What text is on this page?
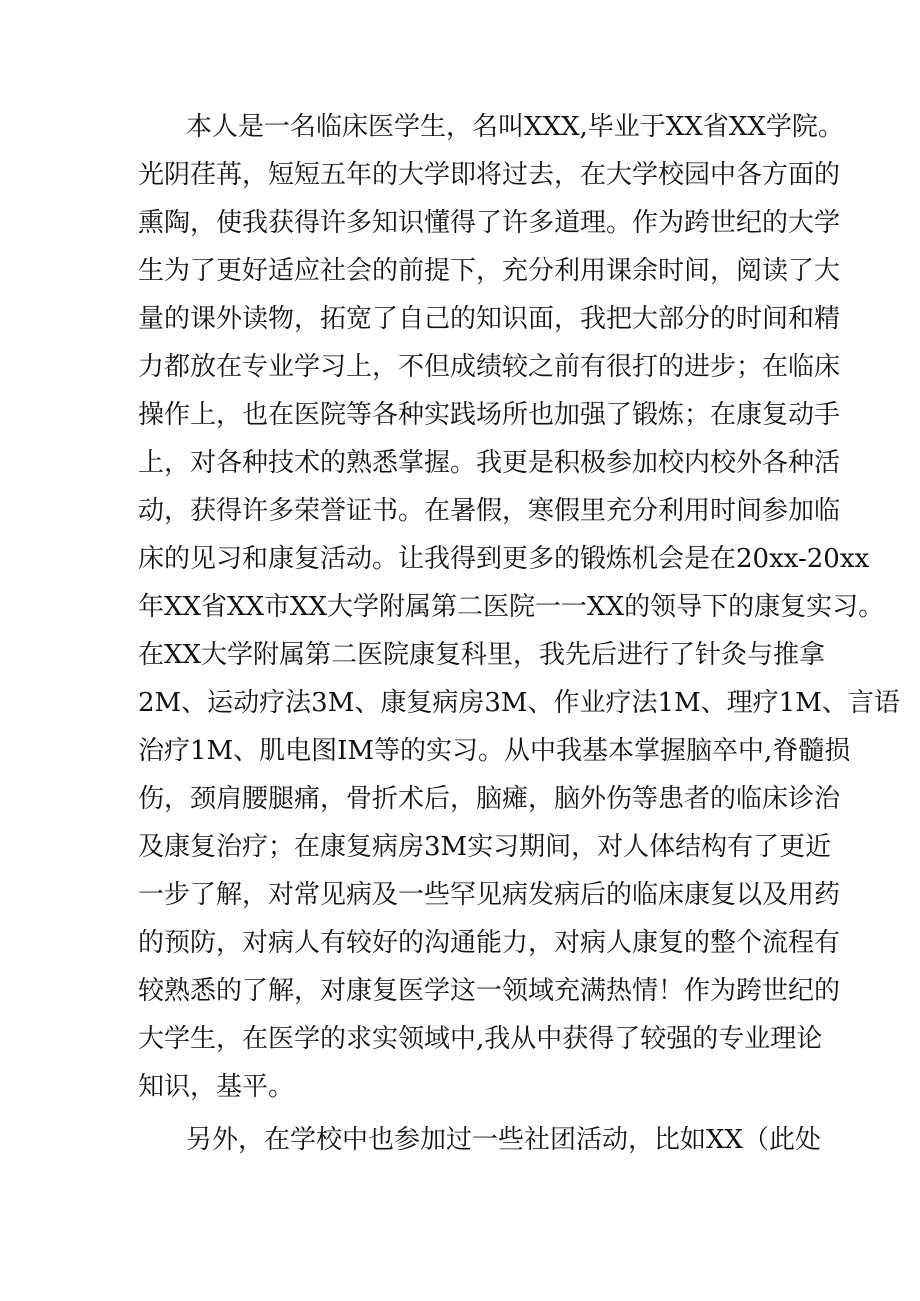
本人是一名临床医学生，名叫XXX,毕业于XX省XX学院。
光阴荏苒，短短五年的大学即将过去，在大学校园中各方面的
熏陶，使我获得许多知识懂得了许多道理。作为跨世纪的大学
生为了更好适应社会的前提下，充分利用课余时间，阅读了大
量的课外读物，拓宽了自己的知识面，我把大部分的时间和精
力都放在专业学习上，不但成绩较之前有很打的进步；在临床
操作上，也在医院等各种实践场所也加强了锻炼；在康复动手
上，对各种技术的熟悉掌握。我更是积极参加校内校外各种活
动，获得许多荣誉证书。在暑假，寒假里充分利用时间参加临
床的见习和康复活动。让我得到更多的锻炼机会是在20xx-20xx
年XX省XX市XX大学附属第二医院一一XX的领导下的康复实习。
在XX大学附属第二医院康复科里，我先后进行了针灸与推拿
2M、运动疗法3M、康复病房3M、作业疗法1M、理疗1M、言语
治疗1M、肌电图IM等的实习。从中我基本掌握脑卒中,脊髓损
伤，颈肩腰腿痛，骨折术后，脑瘫，脑外伤等患者的临床诊治
及康复治疗；在康复病房3M实习期间，对人体结构有了更近
一步了解，对常见病及一些罕见病发病后的临床康复以及用药
的预防，对病人有较好的沟通能力，对病人康复的整个流程有
较熟悉的了解，对康复医学这一领域充满热情！作为跨世纪的
大学生，在医学的求实领域中,我从中获得了较强的专业理论
知识，基平。
另外，在学校中也参加过一些社团活动，比如XX（此处
